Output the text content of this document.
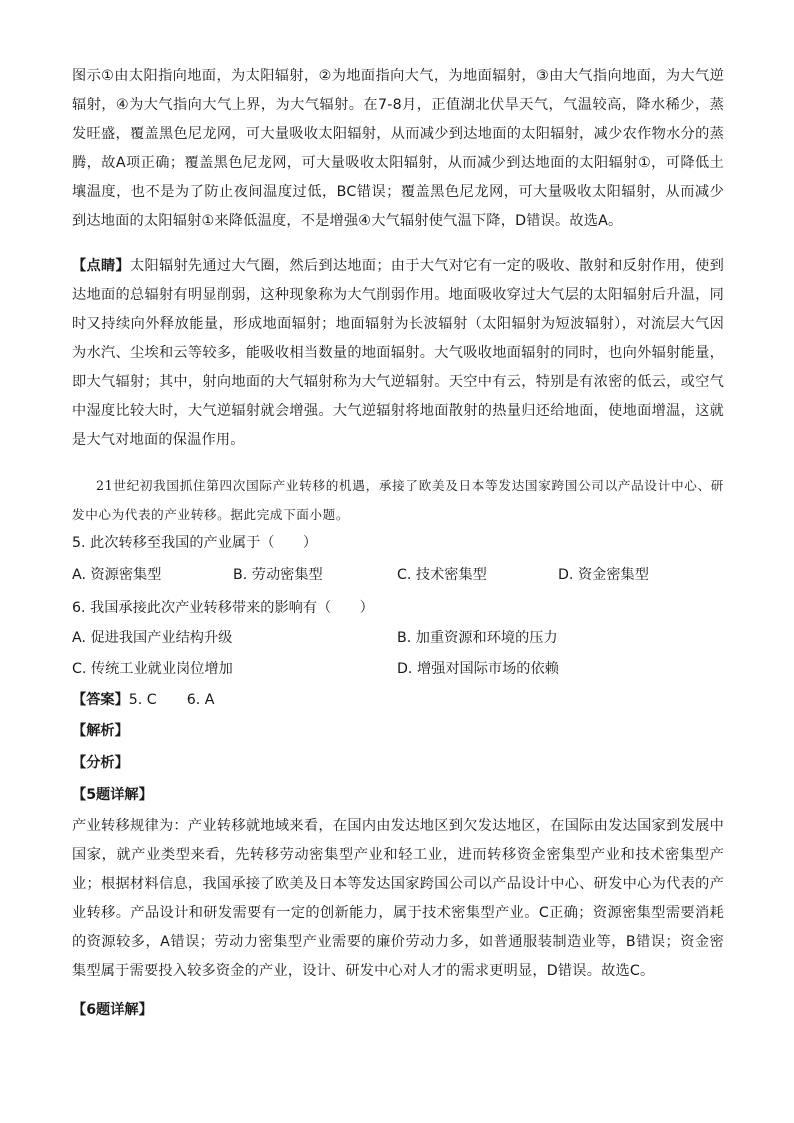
图示①由太阳指向地面，为太阳辐射，②为地面指向大气，为地面辐射，③由大气指向地面，为大气逆辐射，④为大气指向大气上界，为大气辐射。在7-8月，正值湖北伏旱天气，气温较高，降水稀少，蒸发旺盛，覆盖黑色尼龙网，可大量吸收太阳辐射，从而减少到达地面的太阳辐射，减少农作物水分的蒸腾，故A项正确；覆盖黑色尼龙网，可大量吸收太阳辐射，从而减少到达地面的太阳辐射①，可降低土壤温度，也不是为了防止夜间温度过低，BC错误；覆盖黑色尼龙网，可大量吸收太阳辐射，从而减少到达地面的太阳辐射①来降低温度，不是增强④大气辐射使气温下降，D错误。故选A。

【点睛】太阳辐射先通过大气圈，然后到达地面；由于大气对它有一定的吸收、散射和反射作用，使到达地面的总辐射有明显削弱，这种现象称为大气削弱作用。地面吸收穿过大气层的太阳辐射后升温，同时又持续向外释放能量，形成地面辐射；地面辐射为长波辐射（太阳辐射为短波辐射），对流层大气因为水汽、尘埃和云等较多，能吸收相当数量的地面辐射。大气吸收地面辐射的同时，也向外辐射能量，即大气辐射；其中，射向地面的大气辐射称为大气逆辐射。天空中有云，特别是有浓密的低云，或空气中湿度比较大时，大气逆辐射就会增强。大气逆辐射将地面散射的热量归还给地面，使地面增温，这就是大气对地面的保温作用。

21世纪初我国抓住第四次国际产业转移的机遇，承接了欧美及日本等发达国家跨国公司以产品设计中心、研发中心为代表的产业转移。据此完成下面小题。

5. 此次转移至我国的产业属于（　　）
A. 资源密集型	B. 劳动密集型	C. 技术密集型	D. 资金密集型
6. 我国承接此次产业转移带来的影响有（　　）
A. 促进我国产业结构升级	B. 加重资源和环境的压力
C. 传统工业就业岗位增加	D. 增强对国际市场的依赖
【答案】5. C 6. A
【解析】
【分析】
【5题详解】

产业转移规律为：产业转移就地域来看，在国内由发达地区到欠发达地区，在国际由发达国家到发展中国家，就产业类型来看，先转移劳动密集型产业和轻工业，进而转移资金密集型产业和技术密集型产业；根据材料信息，我国承接了欧美及日本等发达国家跨国公司以产品设计中心、研发中心为代表的产业转移。产品设计和研发需要有一定的创新能力，属于技术密集型产业。C正确；资源密集型需要消耗的资源较多，A错误；劳动力密集型产业需要的廉价劳动力多，如普通服装制造业等，B错误；资金密集型属于需要投入较多资金的产业，设计、研发中心对人才的需求更明显，D错误。故选C。

【6题详解】
